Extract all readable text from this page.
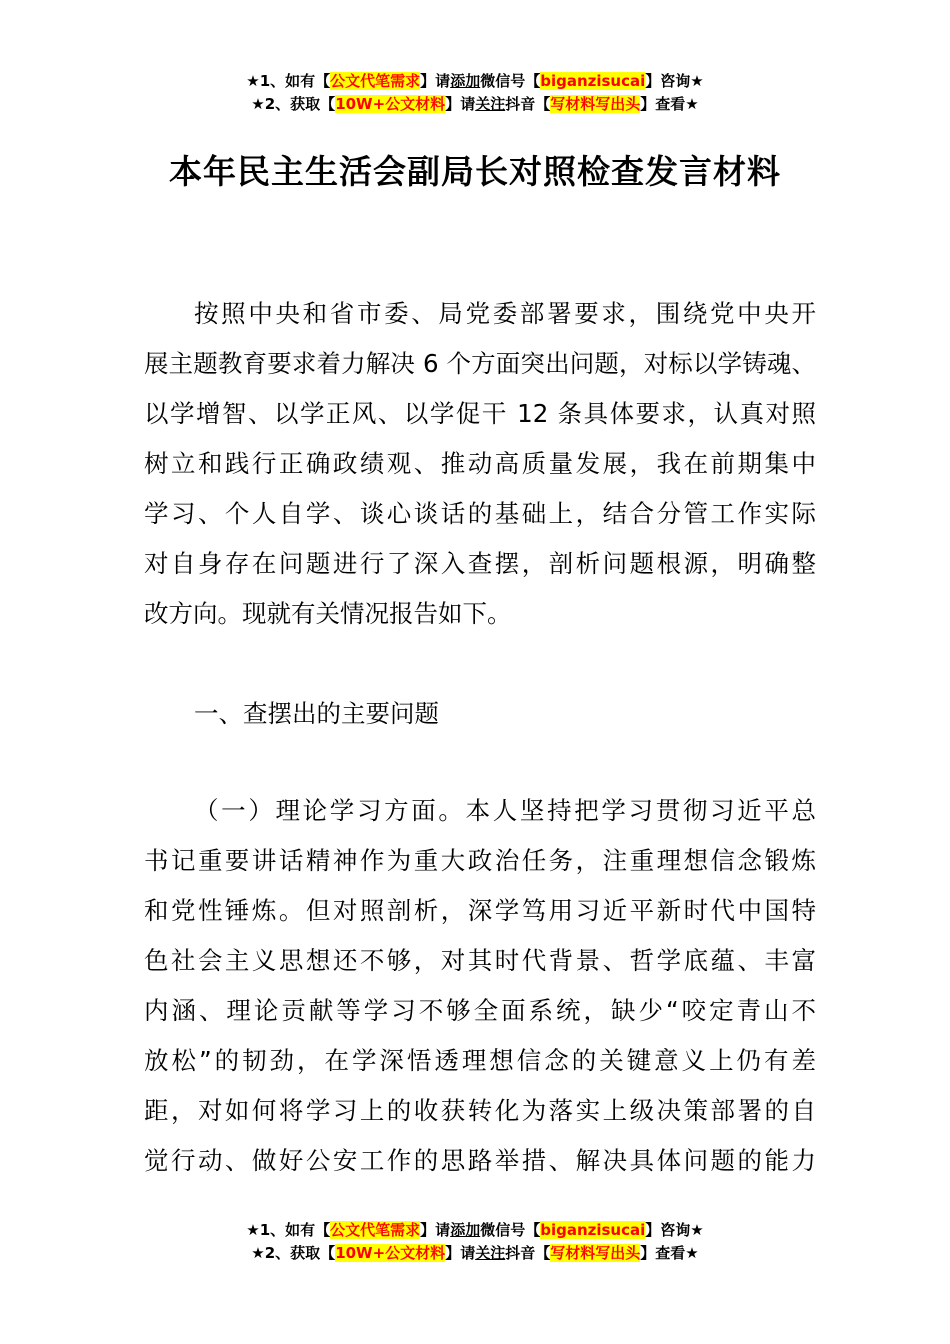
★1、如有【公文代笔需求】请添加微信号【biganzisucai】咨询★
★2、获取【10W+公文材料】请关注抖音【写材料写出头】查看★
本年民主生活会副局长对照检查发言材料
按照中央和省市委、局党委部署要求，围绕党中央开
展主题教育要求着力解决 6 个方面突出问题，对标以学铸魂、
以学增智、以学正风、以学促干 12 条具体要求，认真对照
树立和践行正确政绩观、推动高质量发展，我在前期集中
学习、个人自学、谈心谈话的基础上，结合分管工作实际
对自身存在问题进行了深入查摆，剖析问题根源，明确整
改方向。现就有关情况报告如下。
一、查摆出的主要问题
（一）理论学习方面。本人坚持把学习贯彻习近平总
书记重要讲话精神作为重大政治任务，注重理想信念锻炼
和党性锤炼。但对照剖析，深学笃用习近平新时代中国特
色社会主义思想还不够，对其时代背景、哲学底蕴、丰富
内涵、理论贡献等学习不够全面系统，缺少“咬定青山不
放松”的韧劲，在学深悟透理想信念的关键意义上仍有差
距，对如何将学习上的收获转化为落实上级决策部署的自
觉行动、做好公安工作的思路举措、解决具体问题的能力
★1、如有【公文代笔需求】请添加微信号【biganzisucai】咨询★
★2、获取【10W+公文材料】请关注抖音【写材料写出头】查看★
